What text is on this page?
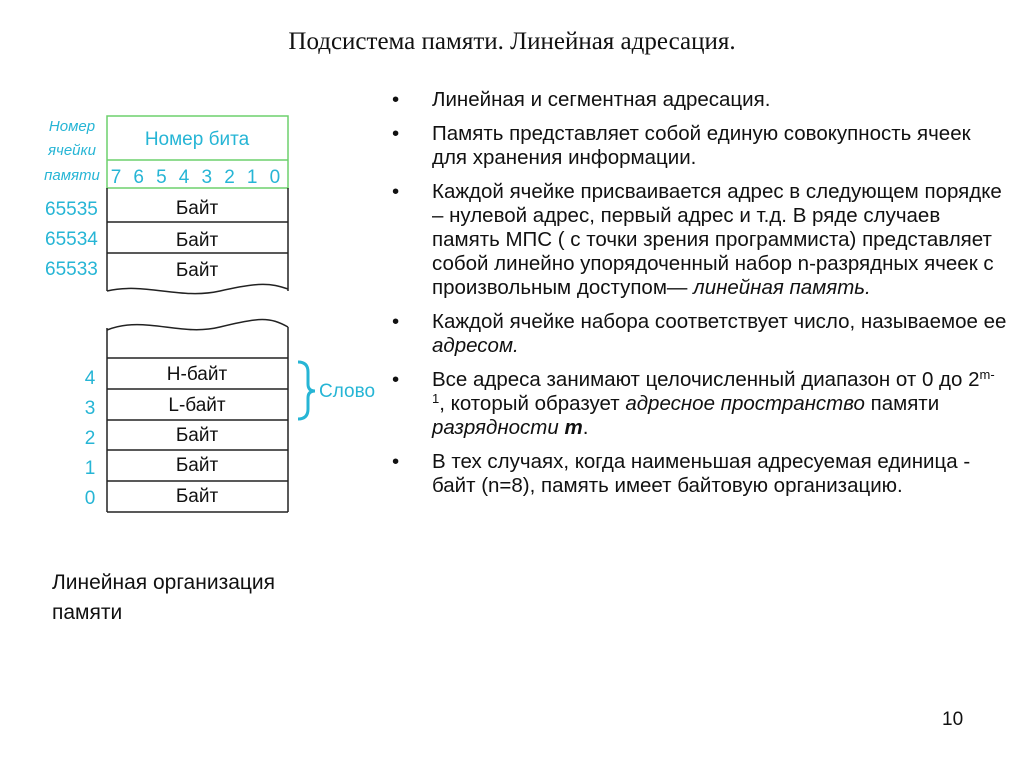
Подсистема памяти. Линейная адресация.
Номер
ячейки
памяти
Номер бита
7 6 5 4 3 2 1 0
65535
65534
65533
Байт
Байт
Байт
4
3
2
1
0
Н-байт
L-байт
Байт
Байт
Байт
Слово
Линейная организация
памяти
• Линейная и сегментная адресация.
• Память представляет собой единую совокупность ячеек для хранения информации.
• Каждой ячейке присваивается адрес в следующем порядке – нулевой адрес, первый адрес и т.д. В ряде случаев память МПС ( с точки зрения программиста) представляет собой линейно упорядоченный набор n-разрядных ячеек с произвольным доступом— линейная память.
• Каждой ячейке набора соответствует число, называемое ее адресом.
• Все адреса занимают целочисленный диапазон от 0 до 2$^{m-1}$, который образует адресное пространство памяти разрядности m.
• В тех случаях, когда наименьшая адресуемая единица - байт (n=8), память имеет байтовую организацию.
10
